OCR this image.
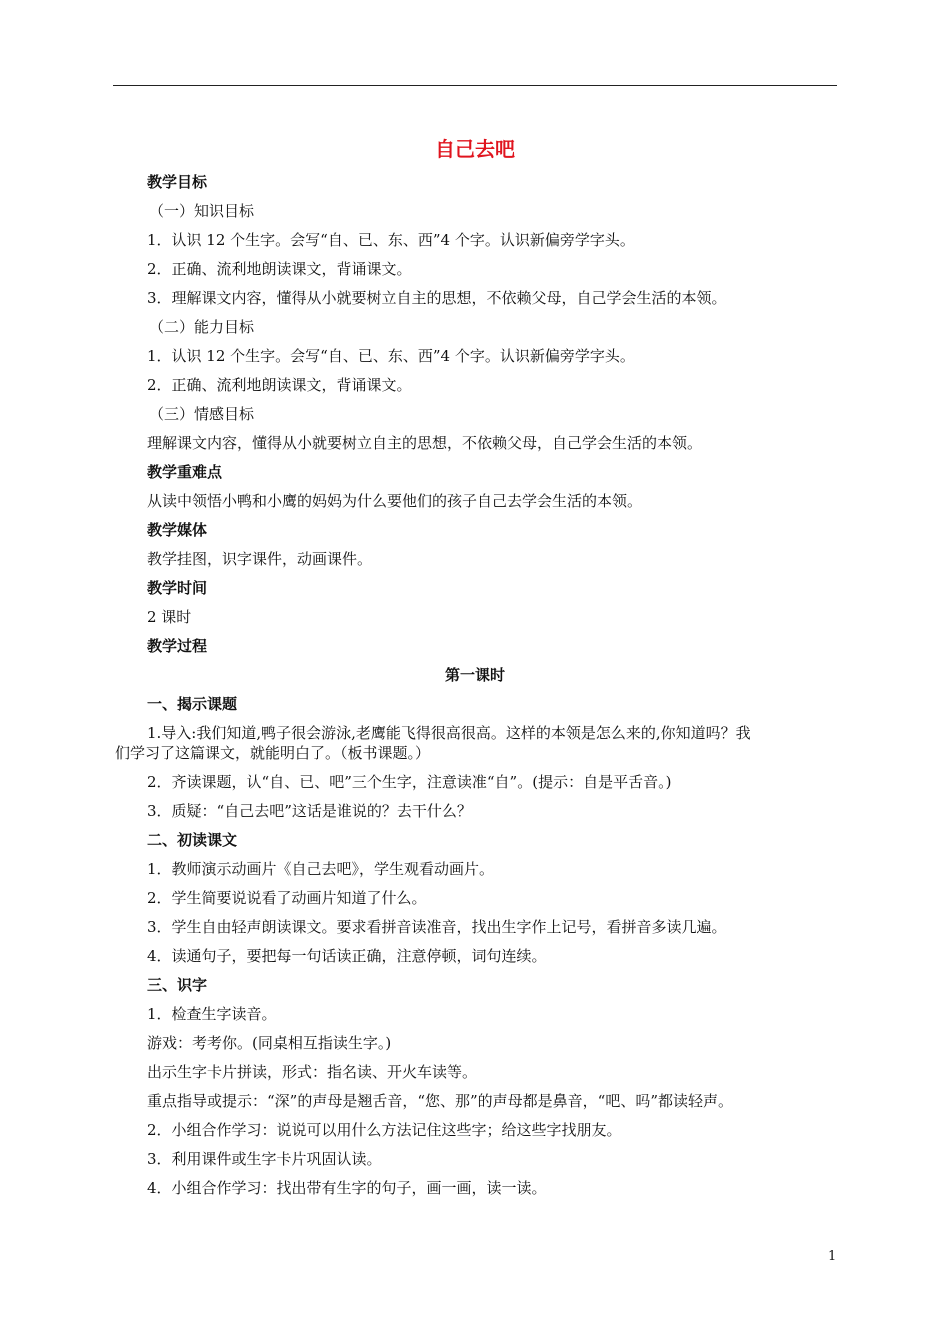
自己去吧
教学目标
（一）知识目标
1．认识 12 个生字。会写“自、已、东、西”4 个字。认识新偏旁学字头。
2．正确、流利地朗读课文，背诵课文。
3．理解课文内容，懂得从小就要树立自主的思想，不依赖父母，自己学会生活的本领。
（二）能力目标
1．认识 12 个生字。会写“自、已、东、西”4 个字。认识新偏旁学字头。
2．正确、流利地朗读课文，背诵课文。
（三）情感目标
理解课文内容，懂得从小就要树立自主的思想，不依赖父母，自己学会生活的本领。
教学重难点
从读中领悟小鸭和小鹰的妈妈为什么要他们的孩子自己去学会生活的本领。
教学媒体
教学挂图，识字课件，动画课件。
教学时间
2 课时
教学过程
第一课时
一、揭示课题
1.导入:我们知道,鸭子很会游泳,老鹰能飞得很高很高。这样的本领是怎么来的,你知道吗？我
们学习了这篇课文，就能明白了。（板书课题。）
2．齐读课题，认“自、已、吧”三个生字，注意读准“自”。(提示：自是平舌音。)
3．质疑：“自己去吧”这话是谁说的？去干什么？
二、初读课文
1．教师演示动画片《自己去吧》，学生观看动画片。
2．学生简要说说看了动画片知道了什么。
3．学生自由轻声朗读课文。要求看拼音读准音，找出生字作上记号，看拼音多读几遍。
4．读通句子，要把每一句话读正确，注意停顿，词句连续。
三、识字
1．检查生字读音。
游戏：考考你。(同桌相互指读生字。)
出示生字卡片拼读，形式：指名读、开火车读等。
重点指导或提示：“深”的声母是翘舌音，“您、那”的声母都是鼻音，“吧、吗”都读轻声。
2．小组合作学习：说说可以用什么方法记住这些字；给这些字找朋友。
3．利用课件或生字卡片巩固认读。
4．小组合作学习：找出带有生字的句子，画一画，读一读。
1
